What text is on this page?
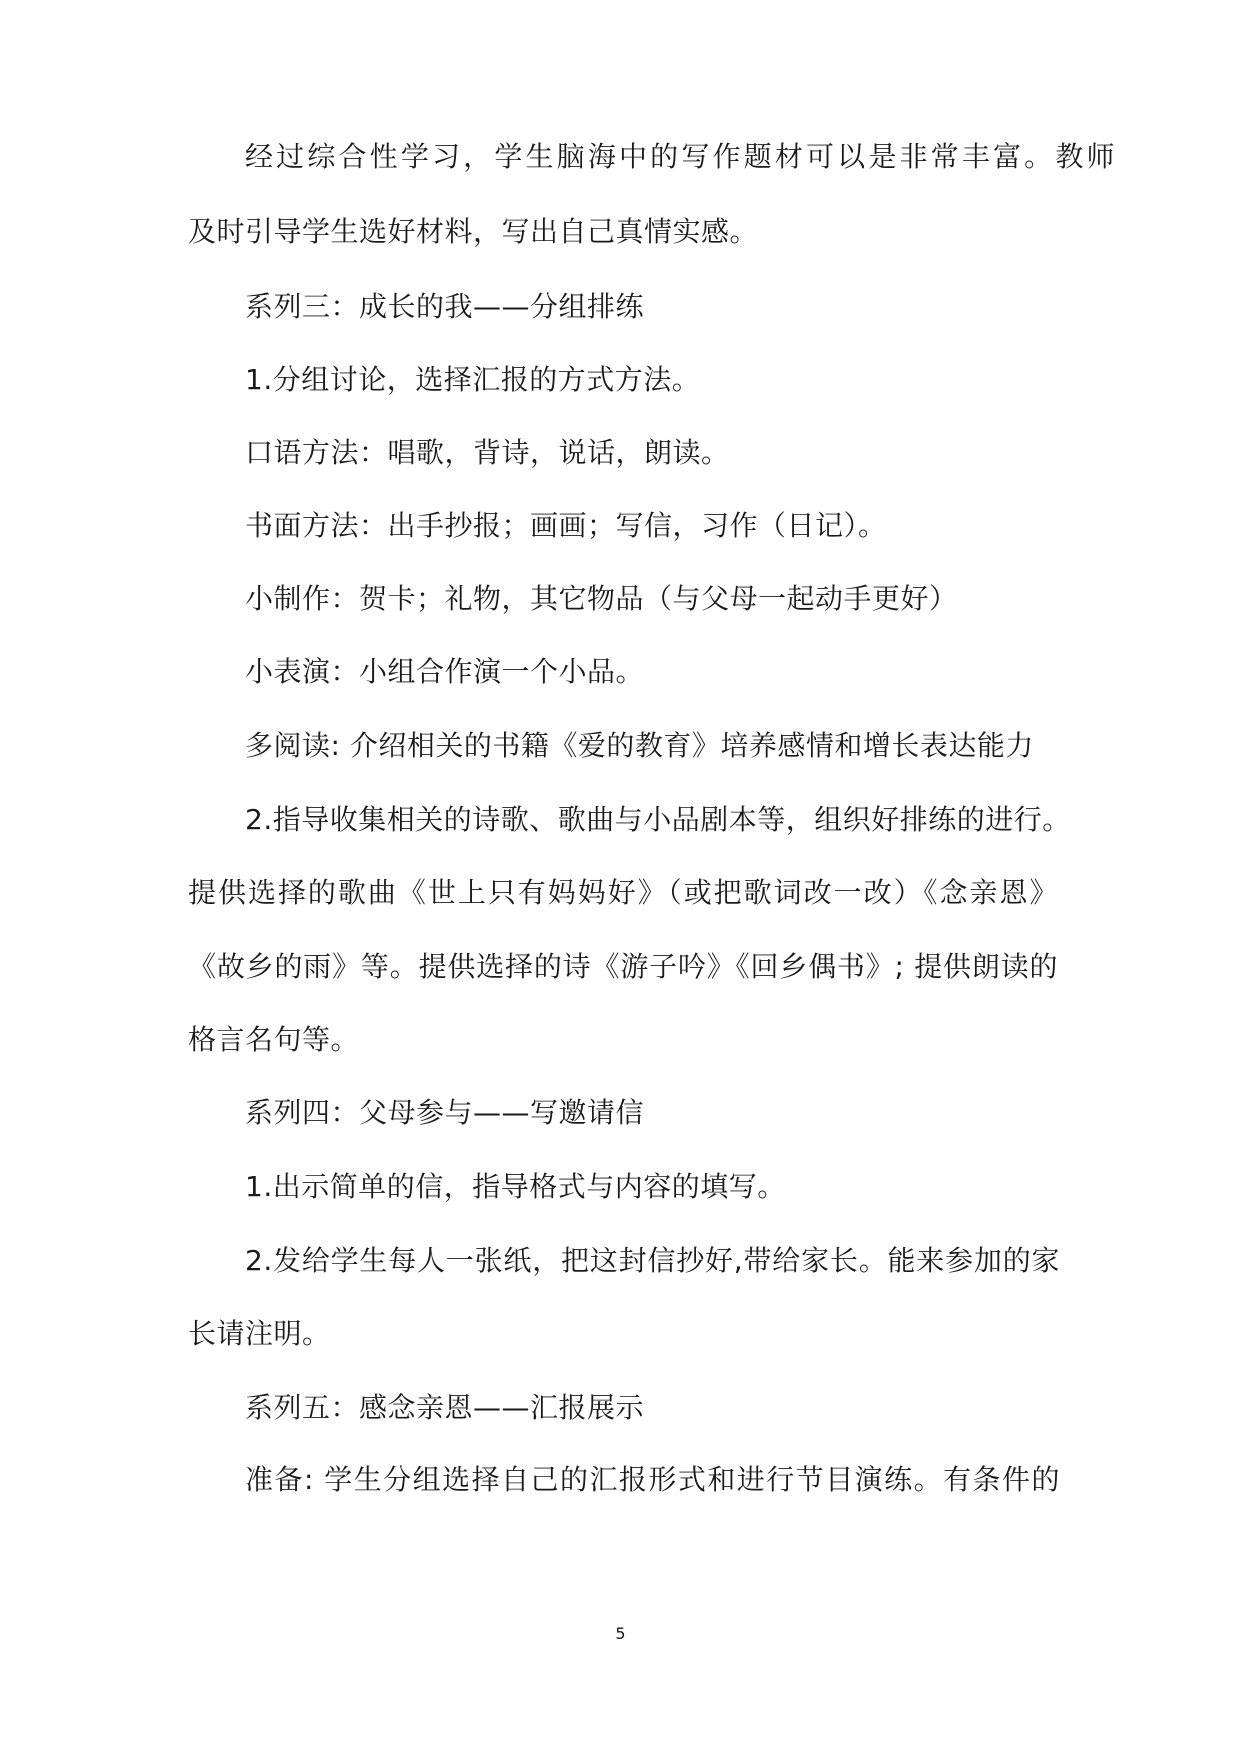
经过综合性学习，学生脑海中的写作题材可以是非常丰富。教师
及时引导学生选好材料，写出自己真情实感。
系列三：成长的我——分组排练
1.分组讨论，选择汇报的方式方法。
口语方法：唱歌，背诗，说话，朗读。
书面方法：出手抄报；画画；写信，习作（日记）。
小制作：贺卡；礼物，其它物品（与父母一起动手更好）
小表演：小组合作演一个小品。
多阅读: 介绍相关的书籍《爱的教育》培养感情和增长表达能力
2.指导收集相关的诗歌、歌曲与小品剧本等，组织好排练的进行。
提供选择的歌曲《世上只有妈妈好》（或把歌词改一改）《念亲恩》
《故乡的雨》等。提供选择的诗《游子吟》《回乡偶书》; 提供朗读的
格言名句等。
系列四：父母参与——写邀请信
1.出示简单的信，指导格式与内容的填写。
2.发给学生每人一张纸，把这封信抄好,带给家长。能来参加的家
长请注明。
系列五：感念亲恩——汇报展示
准备: 学生分组选择自己的汇报形式和进行节目演练。有条件的
5
